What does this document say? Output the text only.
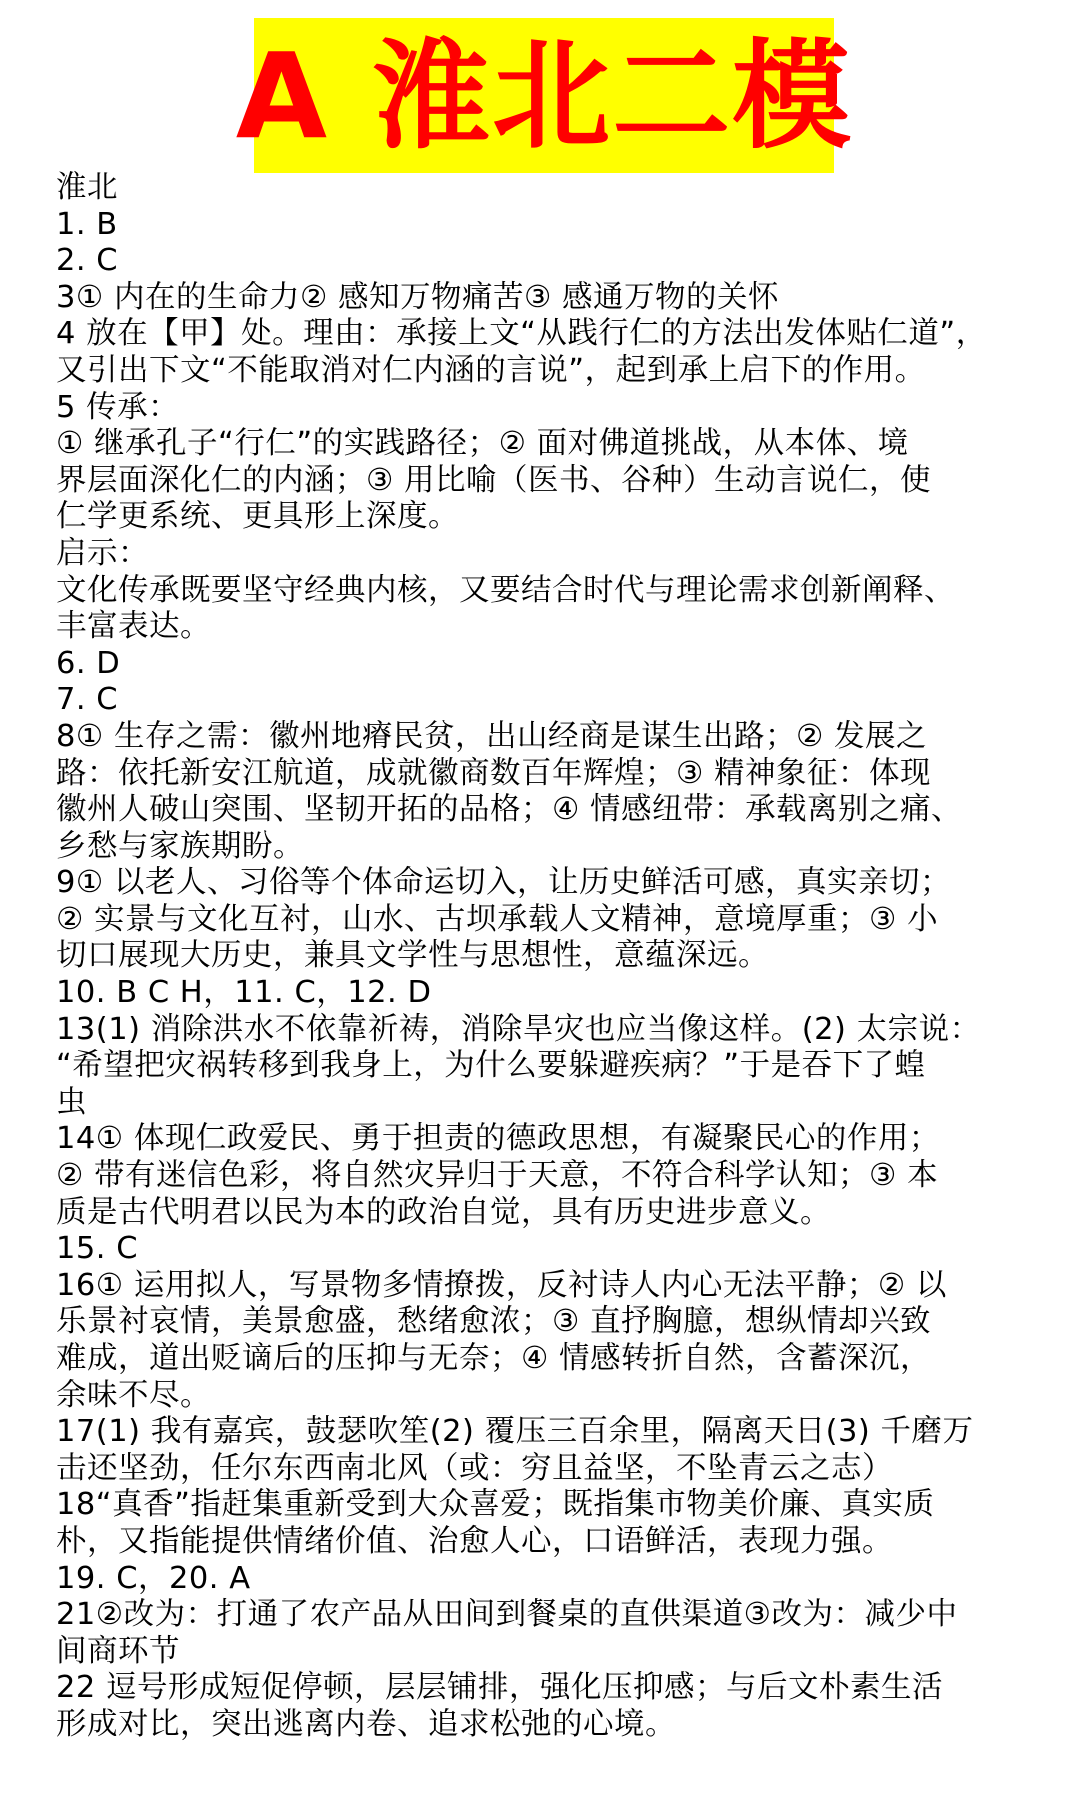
A 淮北二模
淮北
1. B
2. C
3① 内在的生命力② 感知万物痛苦③ 感通万物的关怀
4 放在【甲】处。理由：承接上文“从践行仁的方法出发体贴仁道”，
又引出下文“不能取消对仁内涵的言说”，起到承上启下的作用。
5 传承：
① 继承孔子“行仁”的实践路径；② 面对佛道挑战，从本体、境
界层面深化仁的内涵；③ 用比喻（医书、谷种）生动言说仁，使
仁学更系统、更具形上深度。
启示：
文化传承既要坚守经典内核，又要结合时代与理论需求创新阐释、
丰富表达。
6. D
7. C
8① 生存之需：徽州地瘠民贫，出山经商是谋生出路；② 发展之
路：依托新安江航道，成就徽商数百年辉煌；③ 精神象征：体现
徽州人破山突围、坚韧开拓的品格；④ 情感纽带：承载离别之痛、
乡愁与家族期盼。
9① 以老人、习俗等个体命运切入，让历史鲜活可感，真实亲切；
② 实景与文化互衬，山水、古坝承载人文精神，意境厚重；③ 小
切口展现大历史，兼具文学性与思想性，意蕴深远。
10. B C H，11. C，12. D
13(1) 消除洪水不依靠祈祷，消除旱灾也应当像这样。(2) 太宗说：
“希望把灾祸转移到我身上，为什么要躲避疾病？”于是吞下了蝗
虫
14① 体现仁政爱民、勇于担责的德政思想，有凝聚民心的作用；
② 带有迷信色彩，将自然灾异归于天意，不符合科学认知；③ 本
质是古代明君以民为本的政治自觉，具有历史进步意义。
15. C
16① 运用拟人，写景物多情撩拨，反衬诗人内心无法平静；② 以
乐景衬哀情，美景愈盛，愁绪愈浓；③ 直抒胸臆，想纵情却兴致
难成，道出贬谪后的压抑与无奈；④ 情感转折自然，含蓄深沉，
余味不尽。
17(1) 我有嘉宾，鼓瑟吹笙(2) 覆压三百余里，隔离天日(3) 千磨万
击还坚劲，任尔东西南北风（或：穷且益坚，不坠青云之志）
18“真香”指赶集重新受到大众喜爱；既指集市物美价廉、真实质
朴，又指能提供情绪价值、治愈人心，口语鲜活，表现力强。
19. C，20. A
21②改为：打通了农产品从田间到餐桌的直供渠道③改为：减少中
间商环节
22 逗号形成短促停顿，层层铺排，强化压抑感；与后文朴素生活
形成对比，突出逃离内卷、追求松弛的心境。
